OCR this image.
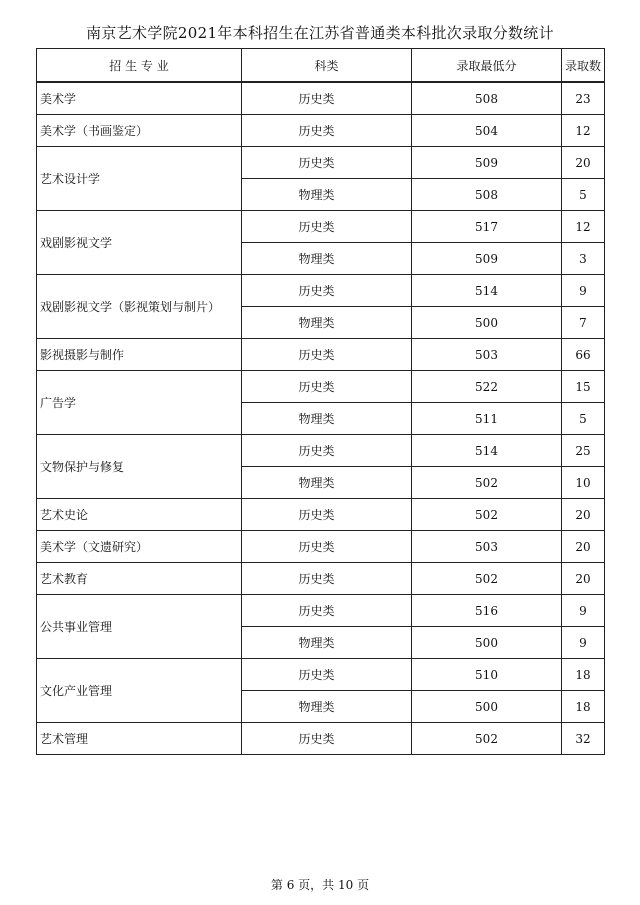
南京艺术学院2021年本科招生在江苏省普通类本科批次录取分数统计
招 生 专 业	科类	录取最低分	录取数
美术学	历史类	508	23
美术学（书画鉴定）	历史类	504	12
艺术设计学	历史类	509	20
	物理类	508	5
戏剧影视文学	历史类	517	12
	物理类	509	3
戏剧影视文学（影视策划与制片）	历史类	514	9
	物理类	500	7
影视摄影与制作	历史类	503	66
广告学	历史类	522	15
	物理类	511	5
文物保护与修复	历史类	514	25
	物理类	502	10
艺术史论	历史类	502	20
美术学（文遗研究）	历史类	503	20
艺术教育	历史类	502	20
公共事业管理	历史类	516	9
	物理类	500	9
文化产业管理	历史类	510	18
	物理类	500	18
艺术管理	历史类	502	32
第 6 页，共 10 页
